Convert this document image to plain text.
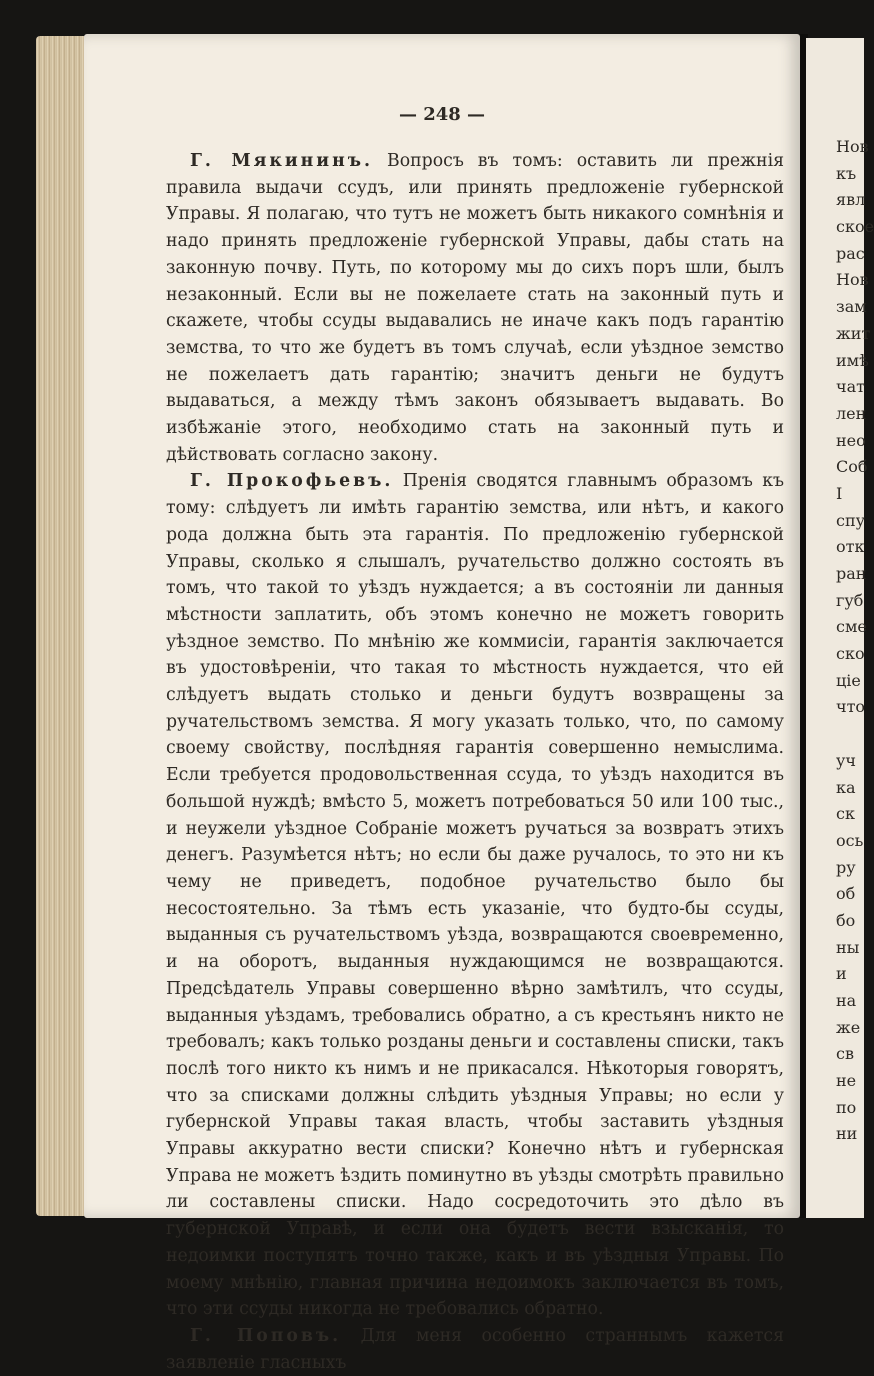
— 248 —

Г. Мякининъ. Вопросъ въ томъ: оставить ли прежнія правила выдачи ссудъ, или принять предложеніе губернской Управы. Я полагаю, что тутъ не можетъ быть никакого сомнѣнія и надо принять предложеніе губернской Управы, дабы стать на законную почву. Путь, по которому мы до сихъ поръ шли, былъ незаконный. Если вы не пожелаете стать на законный путь и скажете, чтобы ссуды выдавались не иначе какъ подъ гарантію земства, то что же будетъ въ томъ случаѣ, если уѣздное земство не пожелаетъ дать гарантію; значитъ деньги не будутъ выдаваться, а между тѣмъ законъ обязываетъ выдавать. Во избѣжаніе этого, необходимо стать на законный путь и дѣйствовать согласно закону.

Г. Прокофьевъ. Пренія сводятся главнымъ образомъ къ тому: слѣдуетъ ли имѣть гарантію земства, или нѣтъ, и какого рода должна быть эта гарантія. По предложенію губернской Управы, сколько я слышалъ, ручательство должно состоять въ томъ, что такой то уѣздъ нуждается; а въ состояніи ли данныя мѣстности заплатить, объ этомъ конечно не можетъ говорить уѣздное земство. По мнѣнію же коммисіи, гарантія заключается въ удостовѣреніи, что такая то мѣстность нуждается, что ей слѣдуетъ выдать столько и деньги будутъ возвращены за ручательствомъ земства. Я могу указать только, что, по самому своему свойству, послѣдняя гарантія совершенно немыслима. Если требуется продовольственная ссуда, то уѣздъ находится въ большой нуждѣ; вмѣсто 5, можетъ потребоваться 50 или 100 тыс., и неужели уѣздное Собраніе можетъ ручаться за возвратъ этихъ денегъ. Разумѣется нѣтъ; но если бы даже ручалось, то это ни къ чему не приведетъ, подобное ручательство было бы несостоятельно. За тѣмъ есть указаніе, что будто-бы ссуды, выданныя съ ручательствомъ уѣзда, возвращаются своевременно, и на оборотъ, выданныя нуждающимся не возвращаются. Предсѣдатель Управы совершенно вѣрно замѣтилъ, что ссуды, выданныя уѣздамъ, требовались обратно, а съ крестьянъ никто не требовалъ; какъ только розданы деньги и составлены списки, такъ послѣ того никто къ нимъ и не прикасался. Нѣкоторыя говорятъ, что за списками должны слѣдить уѣздныя Управы; но если у губернской Управы такая власть, чтобы заставить уѣздныя Управы аккуратно вести списки? Конечно нѣтъ и губернская Управа не можетъ ѣздить поминутно въ уѣзды смотрѣть правильно ли составлены списки. Надо сосредоточить это дѣло въ губернской Управѣ, и если она будетъ вести взысканія, то недоимки поступятъ точно также, какъ и въ уѣздныя Управы. По моему мнѣнію, главная причина недоимокъ заключается въ томъ, что эти ссуды никогда не требовались обратно.

Г. Поповъ. Для меня особенно страннымъ кажется заявленіе гласныхъ

Нов
къ
явл
ское
рас
Нов
зам
жит
имѣ
чат
лен
нео
Соб
I
спу
отк
ран
губ
сме
ско
ціе
что
уч
ка
ск
ось
ру
об
бо
ны
и
на
же
св
не
по
ни
